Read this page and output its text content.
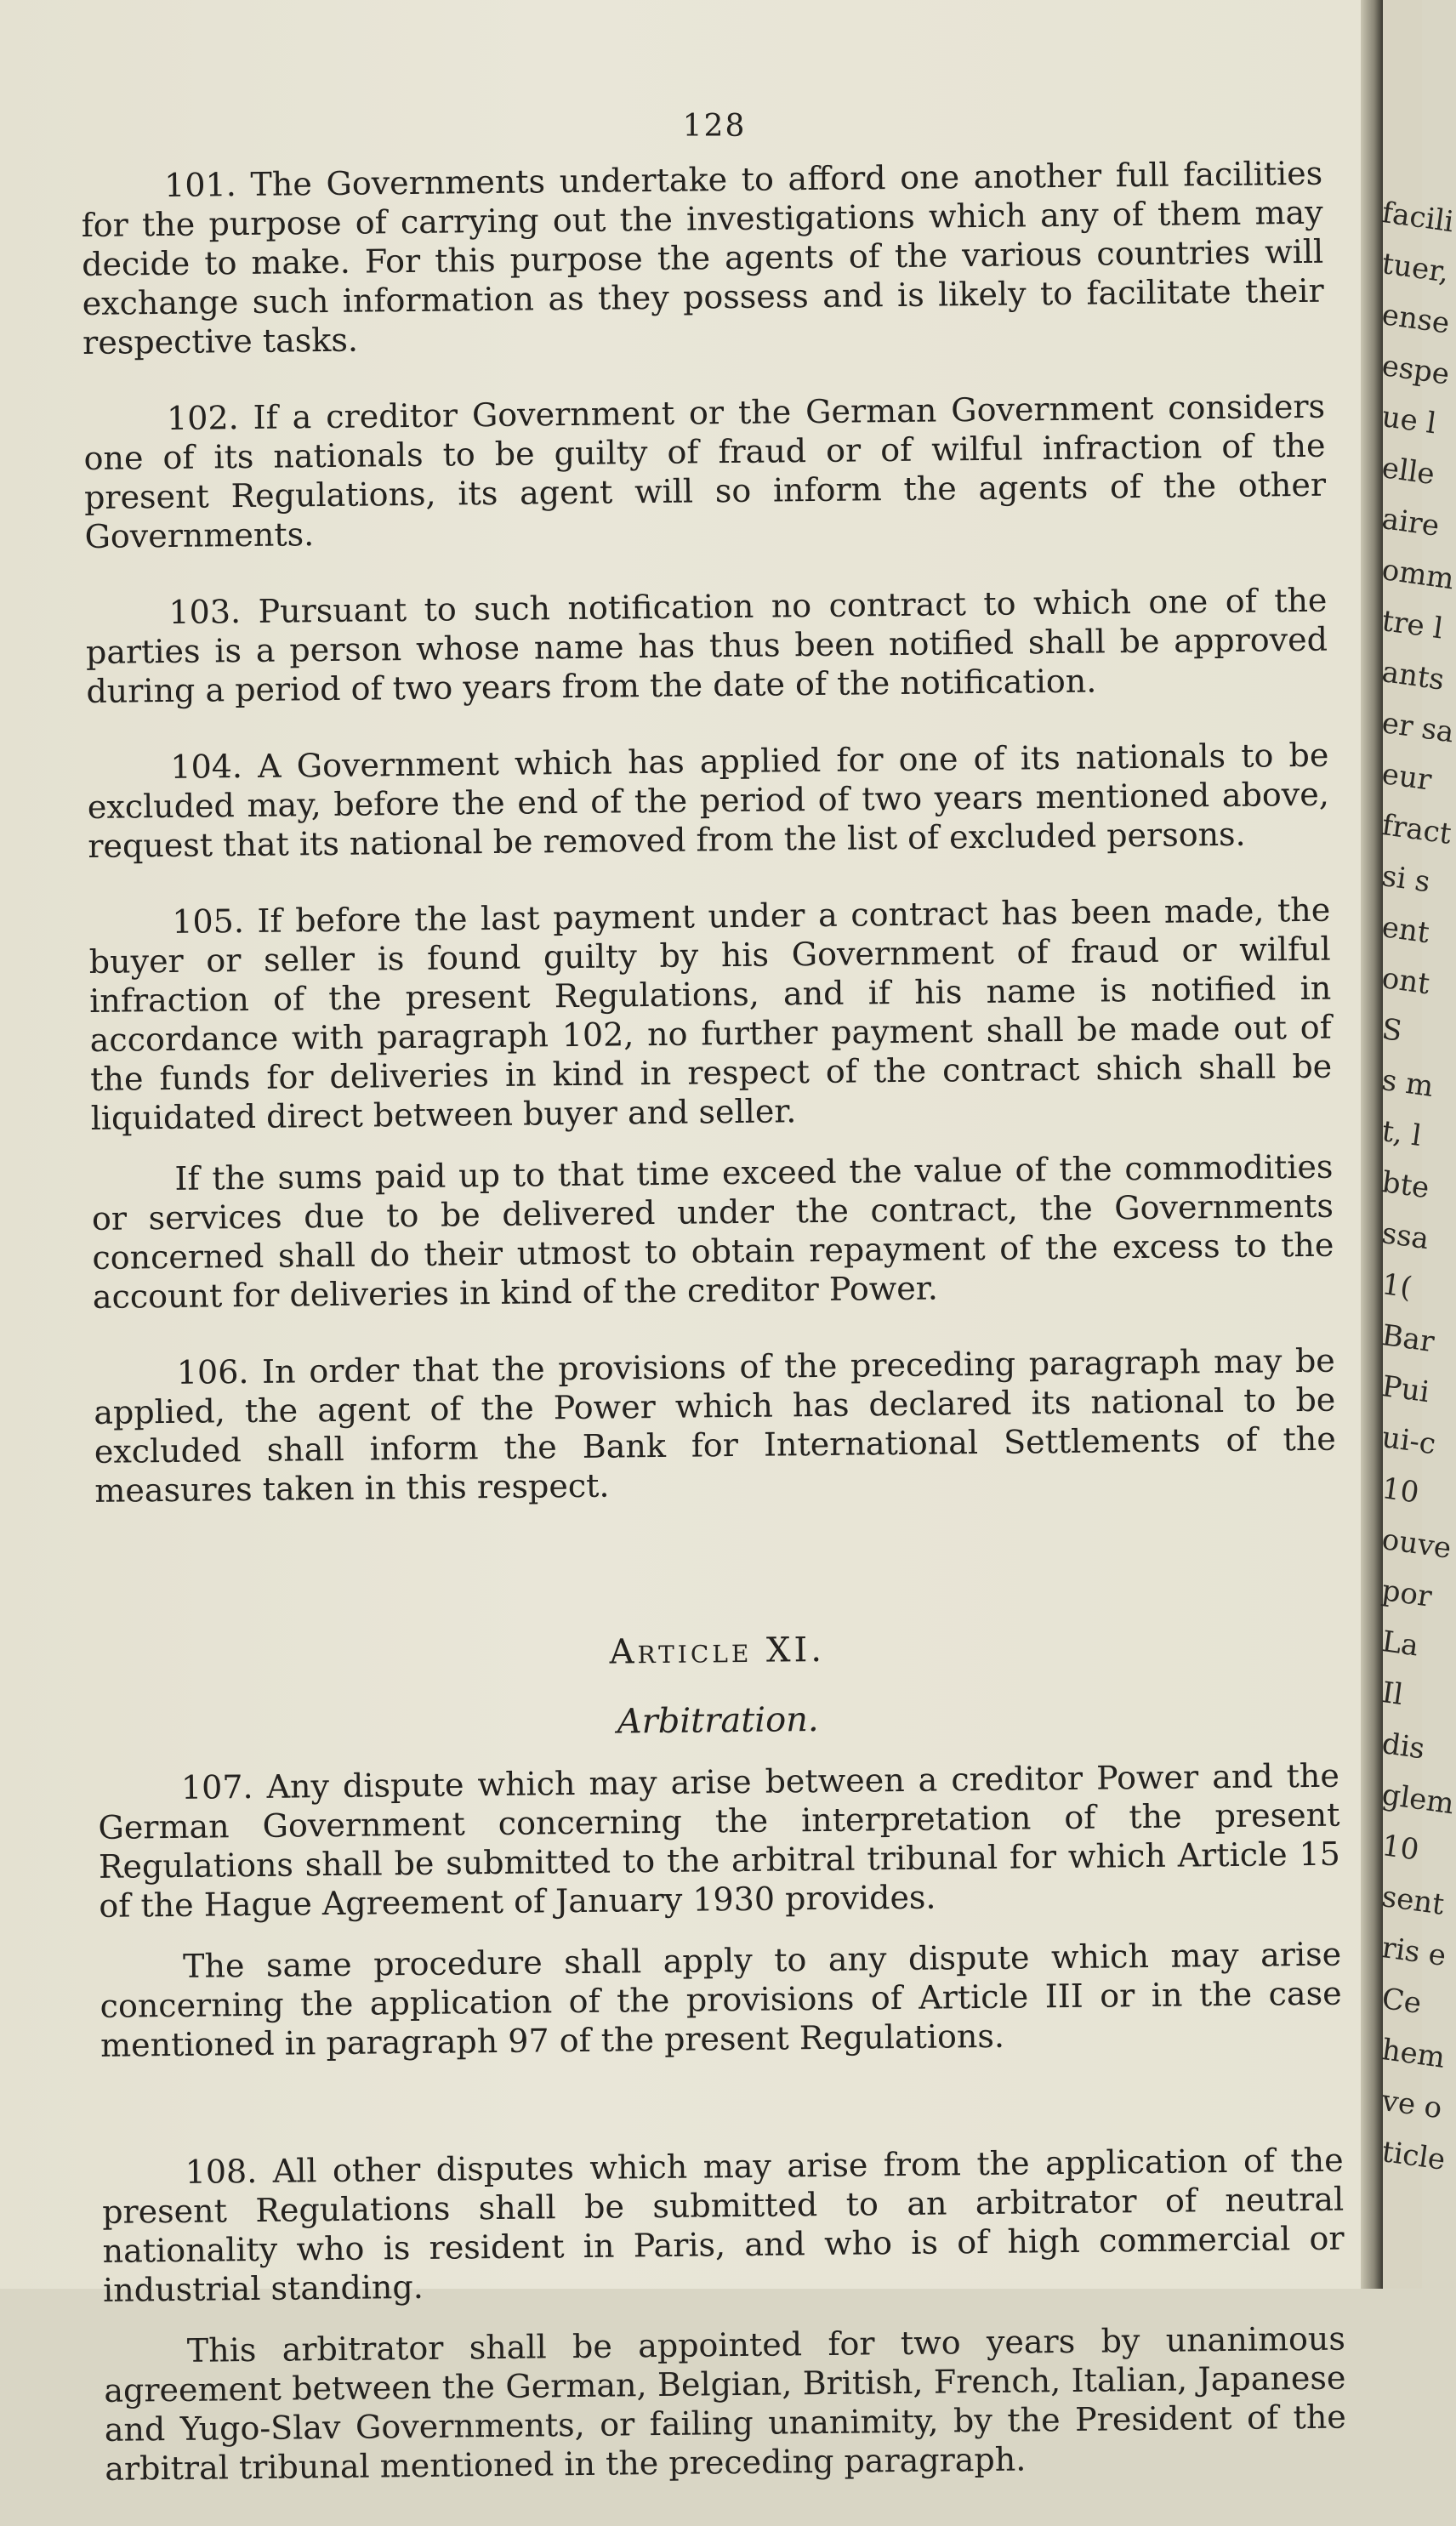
128

101. The Governments undertake to afford one another full facilities for the purpose of carrying out the investigations which any of them may decide to make. For this purpose the agents of the various countries will exchange such information as they possess and is likely to facilitate their respective tasks.

102. If a creditor Government or the German Government considers one of its nationals to be guilty of fraud or of wilful infraction of the present Regulations, its agent will so inform the agents of the other Governments.

103. Pursuant to such notification no contract to which one of the parties is a person whose name has thus been notified shall be approved during a period of two years from the date of the notification.

104. A Government which has applied for one of its nationals to be excluded may, before the end of the period of two years mentioned above, request that its national be removed from the list of excluded persons.

105. If before the last payment under a contract has been made, the buyer or seller is found guilty by his Government of fraud or wilful infraction of the present Regulations, and if his name is notified in accordance with paragraph 102, no further payment shall be made out of the funds for deliveries in kind in respect of the contract shich shall be liquidated direct between buyer and seller.

If the sums paid up to that time exceed the value of the commodities or services due to be delivered under the contract, the Governments concerned shall do their utmost to obtain repayment of the excess to the account for deliveries in kind of the creditor Power.

106. In order that the provisions of the preceding paragraph may be applied, the agent of the Power which has declared its national to be excluded shall inform the Bank for International Settlements of the measures taken in this respect.

Article XI.
Arbitration.

107. Any dispute which may arise between a creditor Power and the German Government concerning the interpretation of the present Regulations shall be submitted to the arbitral tribunal for which Article 15 of the Hague Agreement of January 1930 provides.

The same procedure shall apply to any dispute which may arise concerning the application of the provisions of Article III or in the case mentioned in paragraph 97 of the present Regulations.

108. All other disputes which may arise from the application of the present Regulations shall be submitted to an arbitrator of neutral nationality who is resident in Paris, and who is of high commercial or industrial standing.

This arbitrator shall be appointed for two years by unanimous agreement between the German, Belgian, British, French, Italian, Japanese and Yugo-Slav Governments, or failing unanimity, by the President of the arbitral tribunal mentioned in the preceding paragraph.

facili
tuer,
ense
espe
ue l
elle
aire
omm
tre l
ants
er sa
eur
fract
si s
ent
ont
S
s m
t, l
bte
ssa
1(
Bar
Pui
ui-c
10
ouve
por
La
Il
dis
glem
10
sent
ris e
Ce
hem
ve o
ticle
